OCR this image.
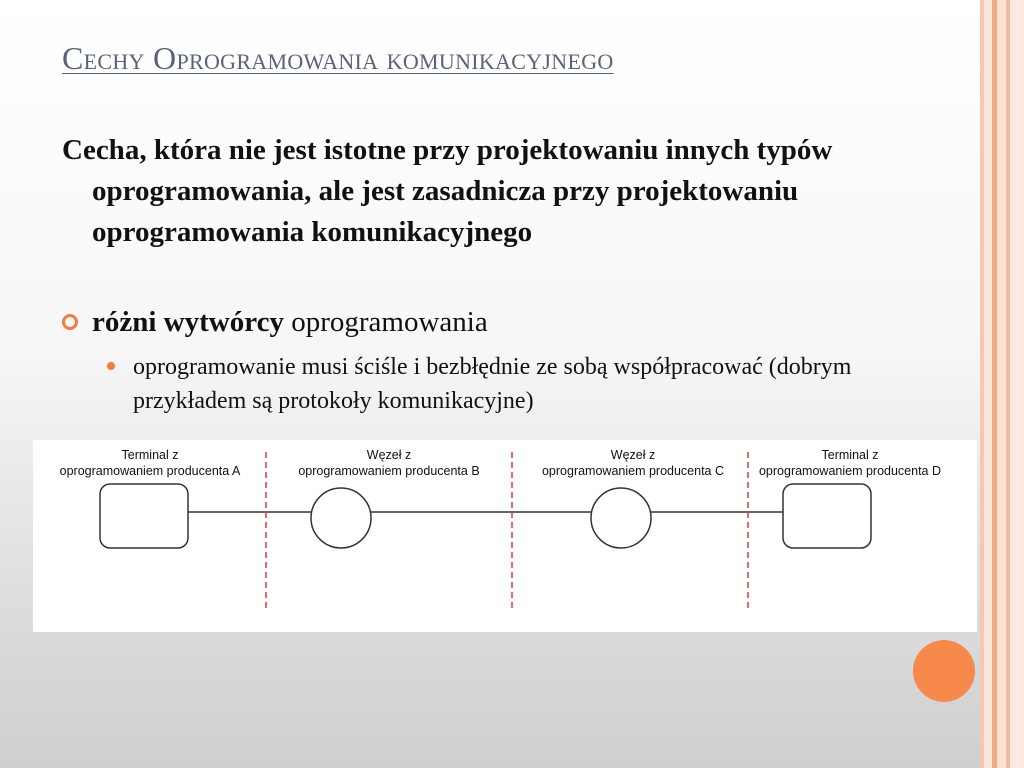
Cechy Oprogramowania komunikacyjnego

Cecha, która nie jest istotne przy projektowaniu innych typów oprogramowania, ale jest zasadnicza przy projektowaniu oprogramowania komunikacyjnego

różni wytwórcy oprogramowania
oprogramowanie musi ściśle i bezbłędnie ze sobą współpracować (dobrym przykładem są protokoły komunikacyjne)
Terminal z
oprogramowaniem producenta A
Węzeł z
oprogramowaniem producenta B
Węzeł z
oprogramowaniem producenta C
Terminal z
oprogramowaniem producenta D
